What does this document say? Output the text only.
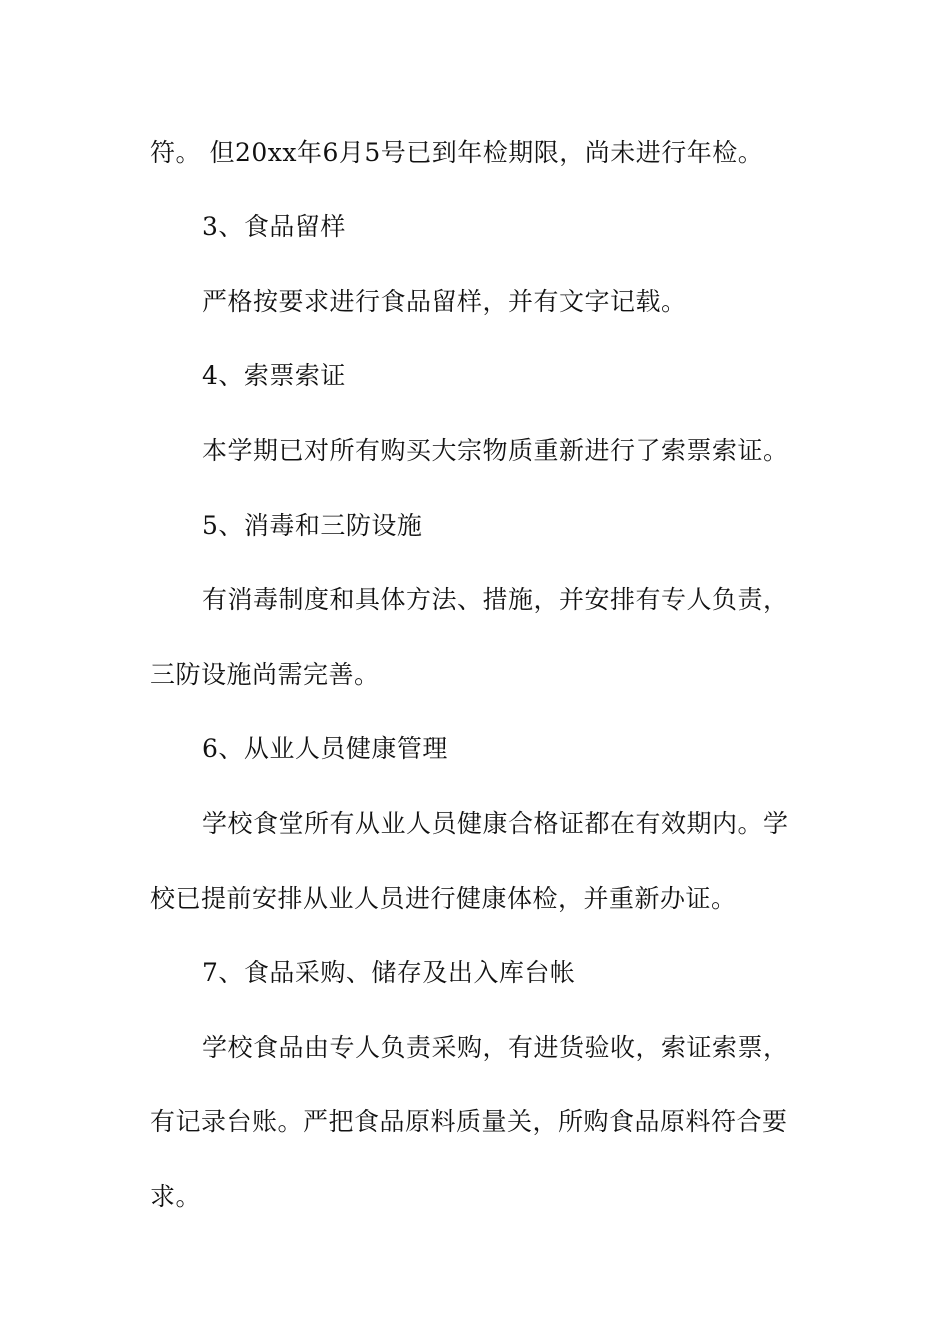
符。 但20xx年6月5号已到年检期限，尚未进行年检。
3、食品留样
严格按要求进行食品留样，并有文字记载。
4、索票索证
本学期已对所有购买大宗物质重新进行了索票索证。
5、消毒和三防设施
有消毒制度和具体方法、措施，并安排有专人负责，
三防设施尚需完善。
6、从业人员健康管理
学校食堂所有从业人员健康合格证都在有效期内。学
校已提前安排从业人员进行健康体检，并重新办证。
7、食品采购、储存及出入库台帐
学校食品由专人负责采购，有进货验收，索证索票，
有记录台账。严把食品原料质量关，所购食品原料符合要
求。
